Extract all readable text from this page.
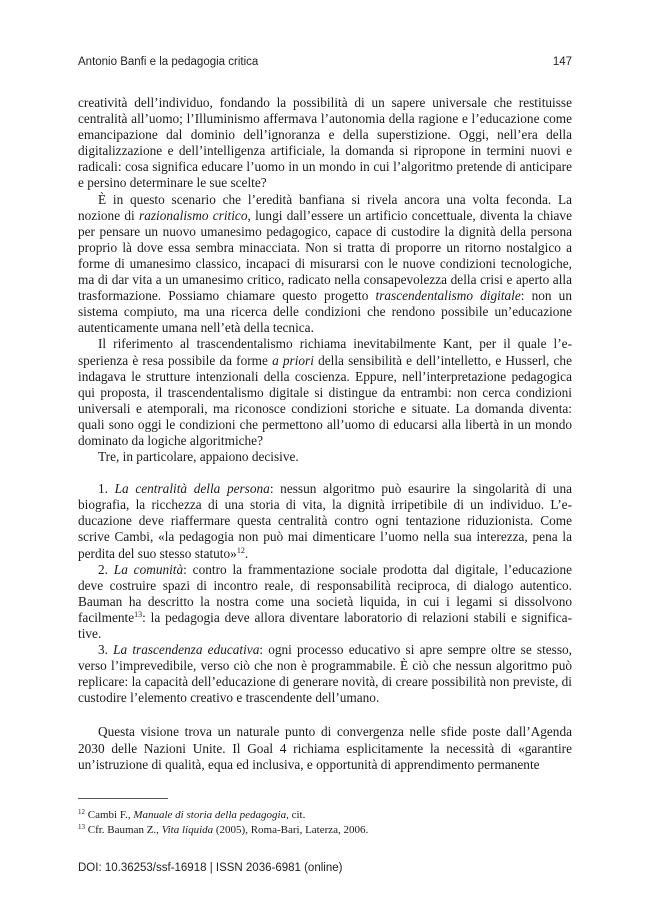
Antonio Banfi e la pedagogia critica	147

creatività dell’individuo, fondando la possibilità di un sapere universale che restituisse centralità all’uomo; l’Illuminismo affermava l’autonomia della ragione e l’educazione come emancipazione dal dominio dell’ignoranza e della superstizione. Oggi, nell’era della digitalizzazione e dell’intelligenza artificiale, la domanda si ripropone in termini nuovi e radicali: cosa significa educare l’uomo in un mondo in cui l’algoritmo pretende di anticipare e persino determinare le sue scelte?

È in questo scenario che l’eredità banfiana si rivela ancora una volta feconda. La nozione di razionalismo critico, lungi dall’essere un artificio concettuale, diventa la chiave per pensare un nuovo umanesimo pedagogico, capace di custodire la dignità della persona proprio là dove essa sembra minacciata. Non si tratta di proporre un ritorno nostalgico a forme di umanesimo classico, incapaci di misurarsi con le nuove condizioni tecnologiche, ma di dar vita a un umanesimo critico, radicato nella consapevolezza della crisi e aperto alla trasformazione. Possiamo chiamare questo progetto trascendentalismo digitale: non un sistema compiuto, ma una ricerca delle condizioni che rendono possibile un’educazione autenticamente umana nell’età della tecnica.

Il riferimento al trascendentalismo richiama inevitabilmente Kant, per il quale l’esperienza è resa possibile da forme a priori della sensibilità e dell’intelletto, e Husserl, che indagava le strutture intenzionali della coscienza. Eppure, nell’interpretazione pedagogica qui proposta, il trascendentalismo digitale si distingue da entrambi: non cerca condizioni universali e atemporali, ma riconosce condizioni storiche e situate. La domanda diventa: quali sono oggi le condizioni che permettono all’uomo di educarsi alla libertà in un mondo dominato da logiche algoritmiche?

Tre, in particolare, appaiono decisive.

1. La centralità della persona: nessun algoritmo può esaurire la singolarità di una biografia, la ricchezza di una storia di vita, la dignità irripetibile di un individuo. L’educazione deve riaffermare questa centralità contro ogni tentazione riduzionista. Come scrive Cambi, «la pedagogia non può mai dimenticare l’uomo nella sua interezza, pena la perdita del suo stesso statuto»$^{12}$.

2. La comunità: contro la frammentazione sociale prodotta dal digitale, l’educazione deve costruire spazi di incontro reale, di responsabilità reciproca, di dialogo autentico. Bauman ha descritto la nostra come una società liquida, in cui i legami si dissolvono facilmente$^{13}$: la pedagogia deve allora diventare laboratorio di relazioni stabili e significative.

3. La trascendenza educativa: ogni processo educativo si apre sempre oltre se stesso, verso l’imprevedibile, verso ciò che non è programmabile. È ciò che nessun algoritmo può replicare: la capacità dell’educazione di generare novità, di creare possibilità non previste, di custodire l’elemento creativo e trascendente dell’umano.

Questa visione trova un naturale punto di convergenza nelle sfide poste dall’Agenda 2030 delle Nazioni Unite. Il Goal 4 richiama esplicitamente la necessità di «garantire un’istruzione di qualità, equa ed inclusiva, e opportunità di apprendimento permanente

$^{12}$ Cambi F., Manuale di storia della pedagogia, cit.

$^{13}$ Cfr. Bauman Z., Vita liquida (2005), Roma-Bari, Laterza, 2006.

DOI: 10.36253/ssf-16918 | ISSN 2036-6981 (online)
